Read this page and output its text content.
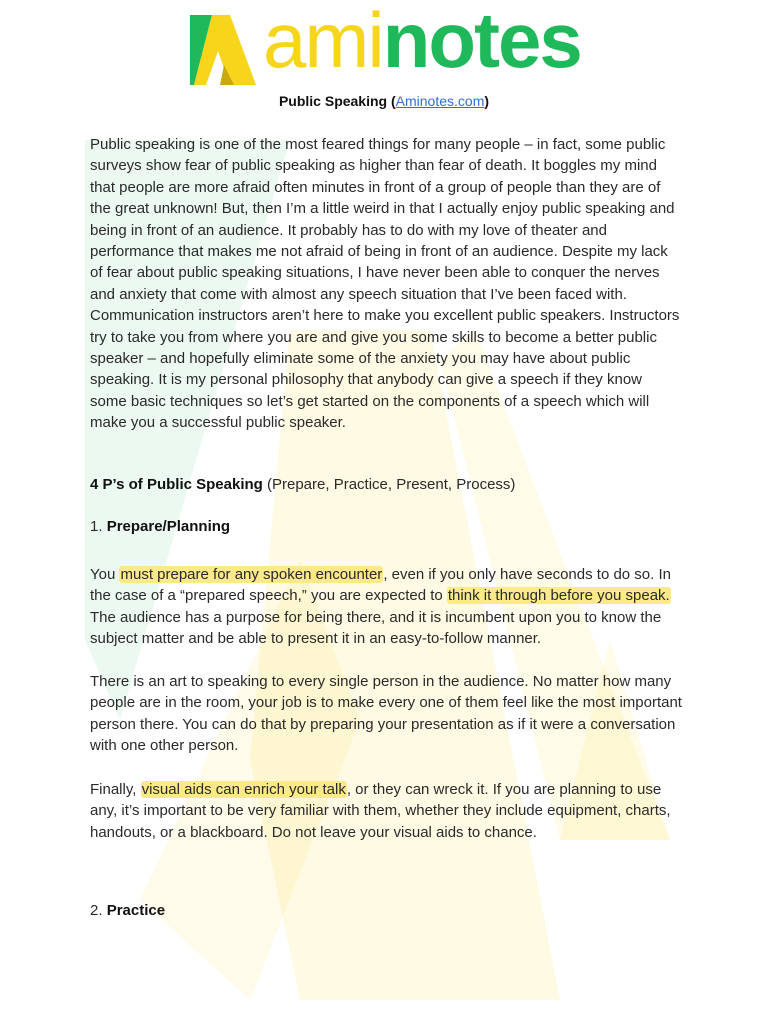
aminotes
Public Speaking (Aminotes.com)

Public speaking is one of the most feared things for many people – in fact, some public surveys show fear of public speaking as higher than fear of death. It boggles my mind that people are more afraid often minutes in front of a group of people than they are of the great unknown! But, then I’m a little weird in that I actually enjoy public speaking and being in front of an audience. It probably has to do with my love of theater and performance that makes me not afraid of being in front of an audience. Despite my lack of fear about public speaking situations, I have never been able to conquer the nerves and anxiety that come with almost any speech situation that I’ve been faced with. Communication instructors aren’t here to make you excellent public speakers. Instructors try to take you from where you are and give you some skills to become a better public speaker – and hopefully eliminate some of the anxiety you may have about public speaking. It is my personal philosophy that anybody can give a speech if they know some basic techniques so let’s get started on the components of a speech which will make you a successful public speaker.

4 P’s of Public Speaking (Prepare, Practice, Present, Process)
1. Prepare/Planning
You must prepare for any spoken encounter, even if you only have seconds to do so. In the case of a “prepared speech,” you are expected to think it through before you speak. The audience has a purpose for being there, and it is incumbent upon you to know the subject matter and be able to present it in an easy-to-follow manner.
There is an art to speaking to every single person in the audience. No matter how many people are in the room, your job is to make every one of them feel like the most important person there. You can do that by preparing your presentation as if it were a conversation with one other person.
Finally, visual aids can enrich your talk, or they can wreck it. If you are planning to use any, it’s important to be very familiar with them, whether they include equipment, charts, handouts, or a blackboard. Do not leave your visual aids to chance.
2. Practice
